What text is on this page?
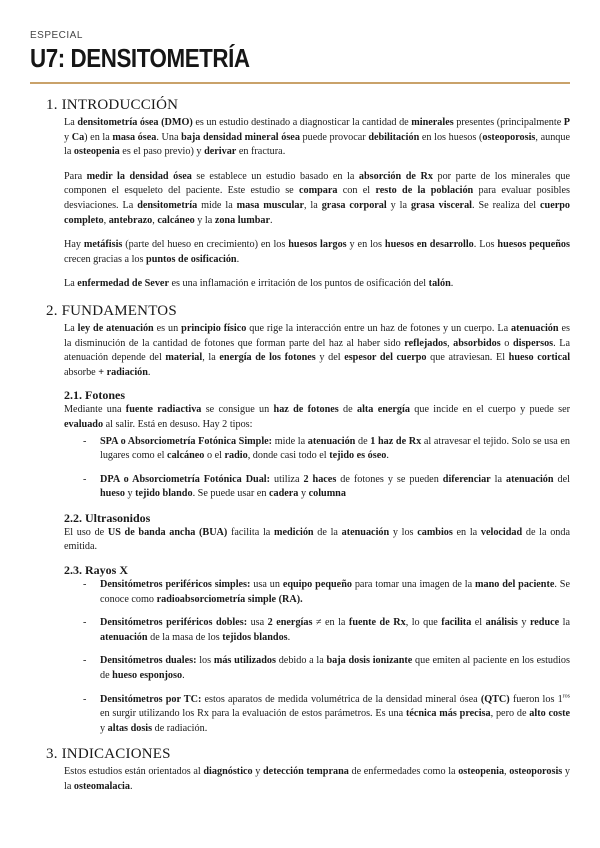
ESPECIAL
U7: DENSITOMETRÍA
1. INTRODUCCIÓN

La densitometría ósea (DMO) es un estudio destinado a diagnosticar la cantidad de minerales presentes (principalmente P y Ca) en la masa ósea. Una baja densidad mineral ósea puede provocar debilitación en los huesos (osteoporosis, aunque la osteopenia es el paso previo) y derivar en fractura.

Para medir la densidad ósea se establece un estudio basado en la absorción de Rx por parte de los minerales que componen el esqueleto del paciente. Este estudio se compara con el resto de la población para evaluar posibles desviaciones. La densitometría mide la masa muscular, la grasa corporal y la grasa visceral. Se realiza del cuerpo completo, antebrazo, calcáneo y la zona lumbar.

Hay metáfisis (parte del hueso en crecimiento) en los huesos largos y en los huesos en desarrollo. Los huesos pequeños crecen gracias a los puntos de osificación.

La enfermedad de Sever es una inflamación e irritación de los puntos de osificación del talón.

2. FUNDAMENTOS

La ley de atenuación es un principio físico que rige la interacción entre un haz de fotones y un cuerpo. La atenuación es la disminución de la cantidad de fotones que forman parte del haz al haber sido reflejados, absorbidos o dispersos. La atenuación depende del material, la energía de los fotones y del espesor del cuerpo que atraviesan. El hueso cortical absorbe + radiación.

2.1. Fotones

Mediante una fuente radiactiva se consigue un haz de fotones de alta energía que incide en el cuerpo y puede ser evaluado al salir. Está en desuso. Hay 2 tipos:

- SPA o Absorciometría Fotónica Simple: mide la atenuación de 1 haz de Rx al atravesar el tejido. Solo se usa en lugares como el calcáneo o el radio, donde casi todo el tejido es óseo.
- DPA o Absorciometría Fotónica Dual: utiliza 2 haces de fotones y se pueden diferenciar la atenuación del hueso y tejido blando. Se puede usar en cadera y columna
2.2. Ultrasonidos

El uso de US de banda ancha (BUA) facilita la medición de la atenuación y los cambios en la velocidad de la onda emitida.

2.3. Rayos X
- Densitómetros periféricos simples: usa un equipo pequeño para tomar una imagen de la mano del paciente. Se conoce como radioabsorciometría simple (RA).
- Densitómetros periféricos dobles: usa 2 energías ≠ en la fuente de Rx, lo que facilita el análisis y reduce la atenuación de la masa de los tejidos blandos.
- Densitómetros duales: los más utilizados debido a la baja dosis ionizante que emiten al paciente en los estudios de hueso esponjoso.
- Densitómetros por TC: estos aparatos de medida volumétrica de la densidad mineral ósea (QTC) fueron los $1^{ros}$ en surgir utilizando los Rx para la evaluación de estos parámetros. Es una técnica más precisa, pero de alto coste y altas dosis de radiación.
3. INDICACIONES

Estos estudios están orientados al diagnóstico y detección temprana de enfermedades como la osteopenia, osteoporosis y la osteomalacia.
